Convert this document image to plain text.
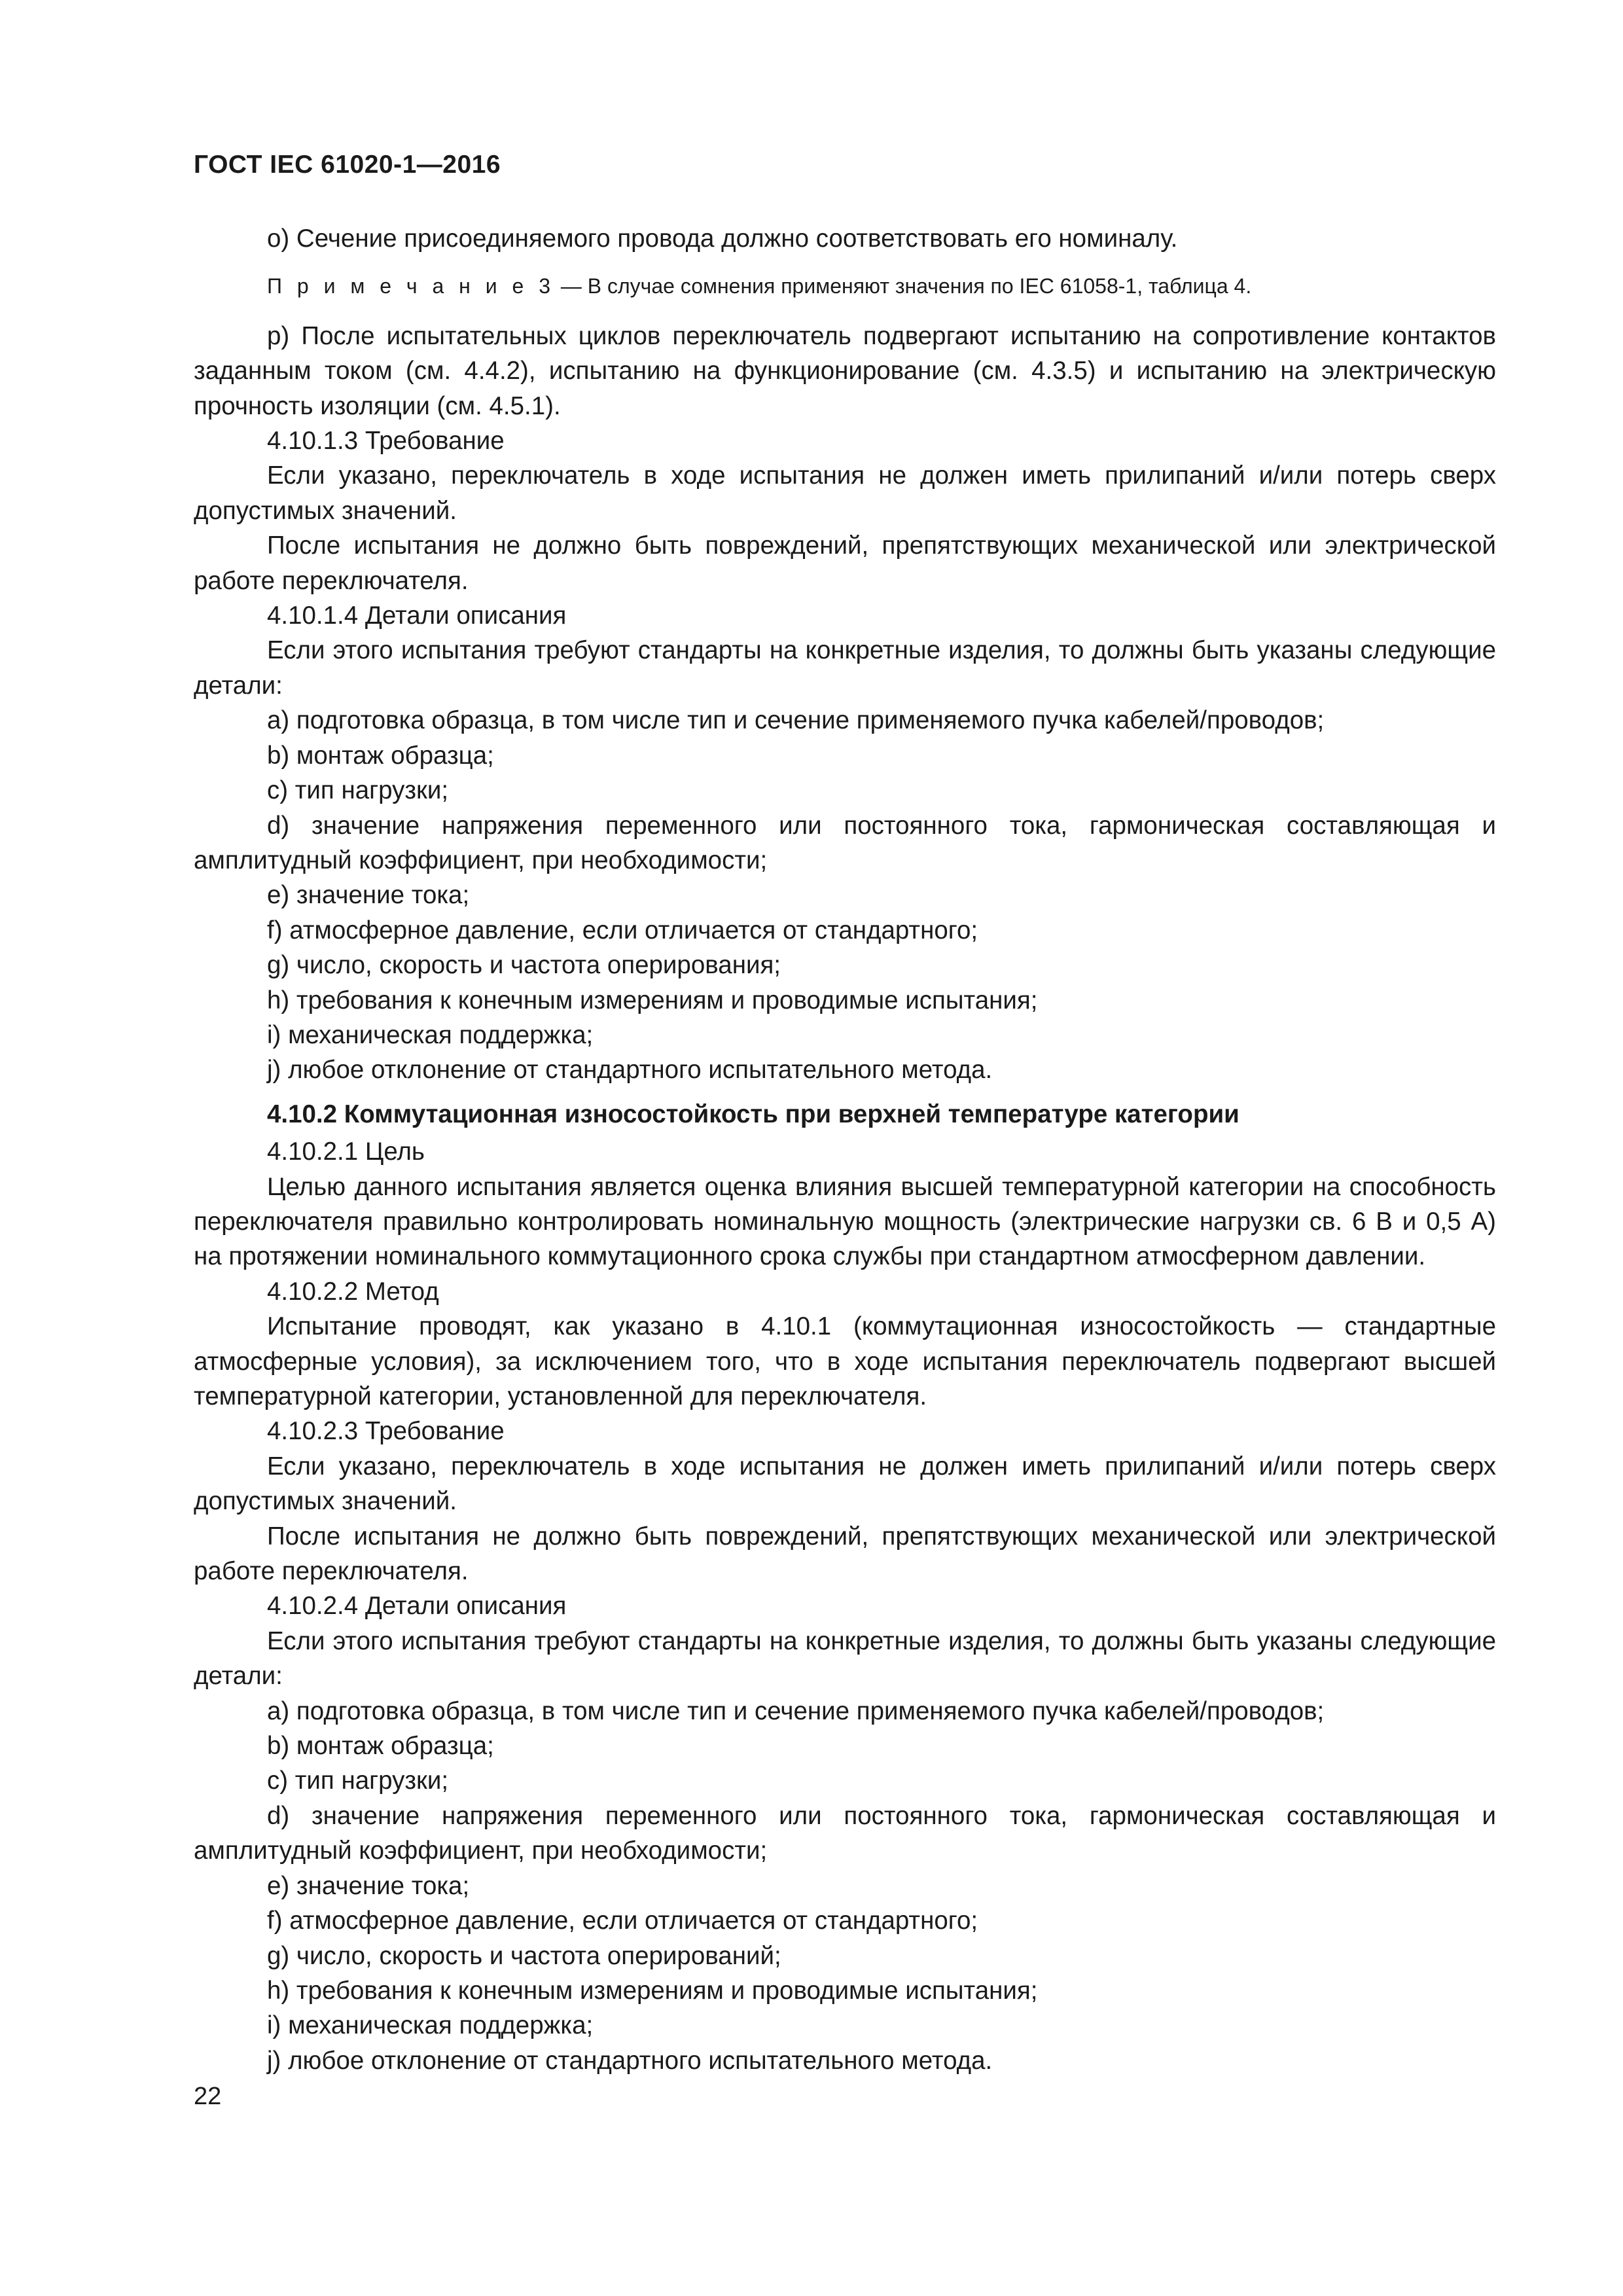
ГОСТ IEC 61020-1—2016

о) Сечение присоединяемого провода должно соответствовать его номиналу.

П р и м е ч а н и е 3 — В случае сомнения применяют значения по IEC 61058-1, таблица 4.

р) После испытательных циклов переключатель подвергают испытанию на сопротивление контактов заданным током (см. 4.4.2), испытанию на функционирование (см. 4.3.5) и испытанию на электрическую прочность изоляции (см. 4.5.1).

4.10.1.3 Требование

Если указано, переключатель в ходе испытания не должен иметь прилипаний и/или потерь сверх допустимых значений.

После испытания не должно быть повреждений, препятствующих механической или электрической работе переключателя.

4.10.1.4 Детали описания

Если этого испытания требуют стандарты на конкретные изделия, то должны быть указаны следующие детали:

a) подготовка образца, в том числе тип и сечение применяемого пучка кабелей/проводов;

b) монтаж образца;

c) тип нагрузки;

d) значение напряжения переменного или постоянного тока, гармоническая составляющая и амплитудный коэффициент, при необходимости;

e) значение тока;

f) атмосферное давление, если отличается от стандартного;

g) число, скорость и частота оперирования;

h) требования к конечным измерениям и проводимые испытания;

i) механическая поддержка;

j) любое отклонение от стандартного испытательного метода.

4.10.2 Коммутационная износостойкость при верхней температуре категории

4.10.2.1 Цель

Целью данного испытания является оценка влияния высшей температурной категории на способность переключателя правильно контролировать номинальную мощность (электрические нагрузки св. 6 В и 0,5 А) на протяжении номинального коммутационного срока службы при стандартном атмосферном давлении.

4.10.2.2 Метод

Испытание проводят, как указано в 4.10.1 (коммутационная износостойкость — стандартные атмосферные условия), за исключением того, что в ходе испытания переключатель подвергают высшей температурной категории, установленной для переключателя.

4.10.2.3 Требование

Если указано, переключатель в ходе испытания не должен иметь прилипаний и/или потерь сверх допустимых значений.

После испытания не должно быть повреждений, препятствующих механической или электрической работе переключателя.

4.10.2.4 Детали описания

Если этого испытания требуют стандарты на конкретные изделия, то должны быть указаны следующие детали:

a) подготовка образца, в том числе тип и сечение применяемого пучка кабелей/проводов;

b) монтаж образца;

c) тип нагрузки;

d) значение напряжения переменного или постоянного тока, гармоническая составляющая и амплитудный коэффициент, при необходимости;

e) значение тока;

f) атмосферное давление, если отличается от стандартного;

g) число, скорость и частота оперирований;

h) требования к конечным измерениям и проводимые испытания;

i) механическая поддержка;

j) любое отклонение от стандартного испытательного метода.

22
